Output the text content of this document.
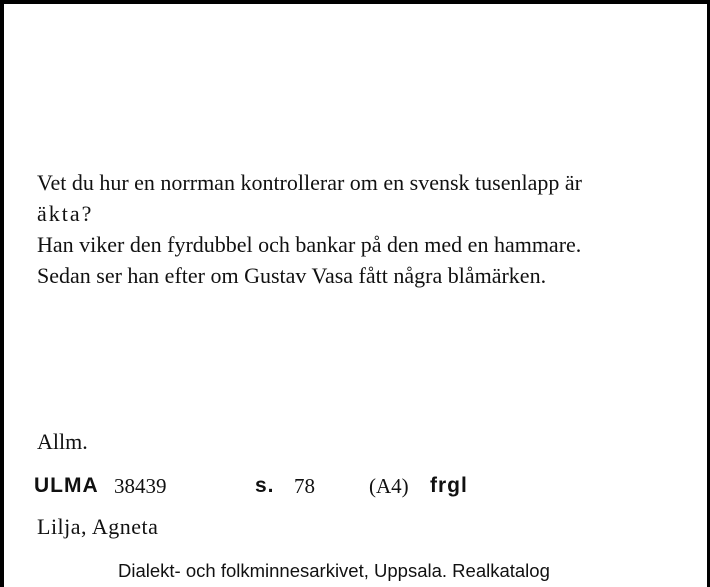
Vet du hur en norrman kontrollerar om en svensk tusenlapp är
äkta?
Han viker den fyrdubbel och bankar på den med en hammare.
Sedan ser han efter om Gustav Vasa fått några blåmärken.
Allm.
ULMA 38439	s. 78	(A4) frgl
Lilja, Agneta
Dialekt- och folkminnesarkivet, Uppsala. Realkatalog
